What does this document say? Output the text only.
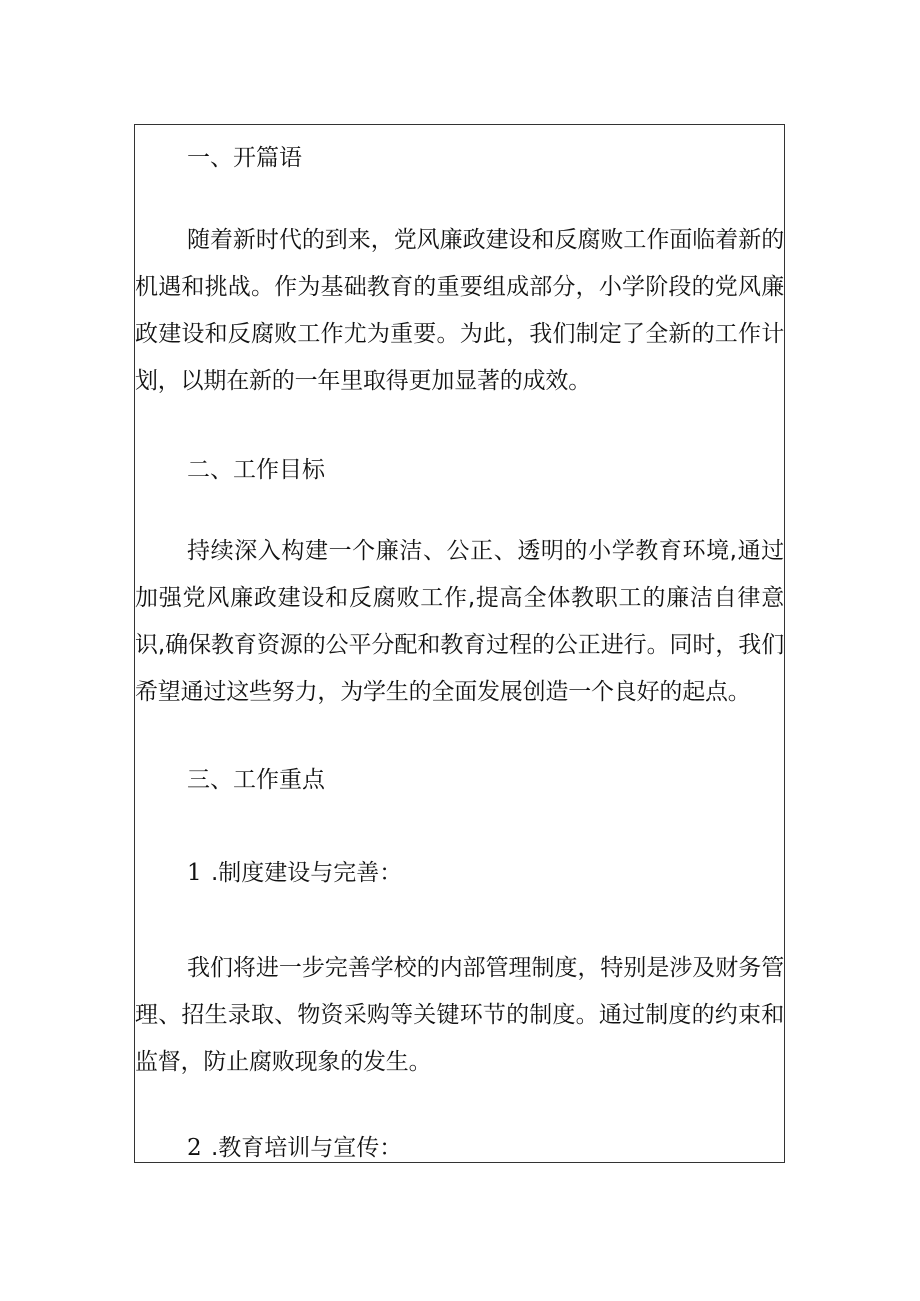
一、开篇语

随着新时代的到来，党风廉政建设和反腐败工作面临着新的机遇和挑战。作为基础教育的重要组成部分，小学阶段的党风廉政建设和反腐败工作尤为重要。为此，我们制定了全新的工作计划，以期在新的一年里取得更加显著的成效。

二、工作目标

持续深入构建一个廉洁、公正、透明的小学教育环境,通过加强党风廉政建设和反腐败工作,提高全体教职工的廉洁自律意识,确保教育资源的公平分配和教育过程的公正进行。同时，我们希望通过这些努力，为学生的全面发展创造一个良好的起点。

三、工作重点
1 .制度建设与完善：

我们将进一步完善学校的内部管理制度，特别是涉及财务管理、招生录取、物资采购等关键环节的制度。通过制度的约束和监督，防止腐败现象的发生。

2 .教育培训与宣传：
